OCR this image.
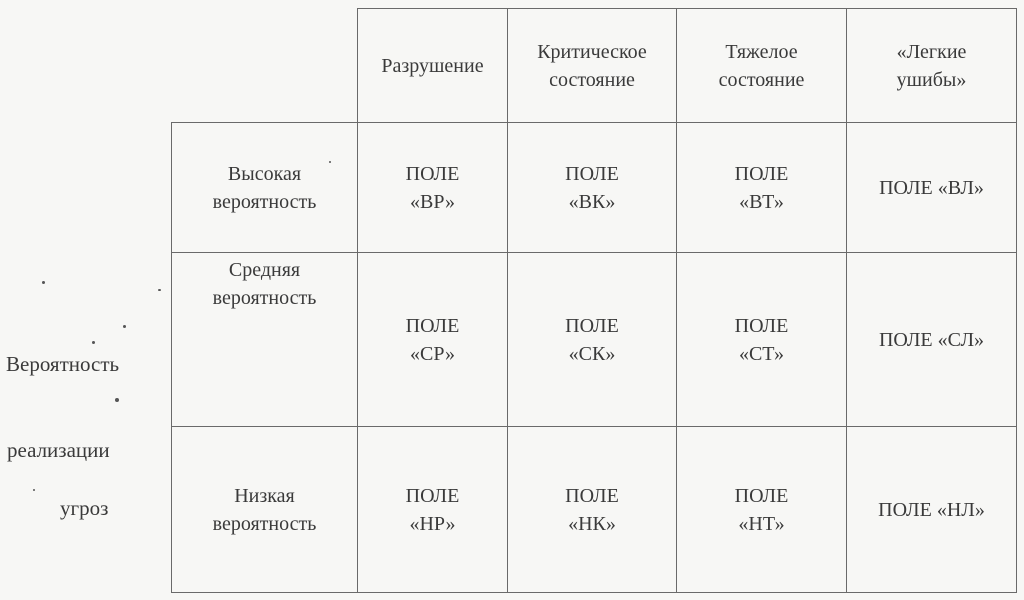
Вероятность
реализации
угроз
Разрушение
Критическое
состояние
Тяжелое
состояние
«Легкие
ушибы»
Высокая
вероятность
ПОЛЕ
«ВР»
ПОЛЕ
«ВК»
ПОЛЕ
«ВТ»
ПОЛЕ «ВЛ»
Средняя
вероятность
ПОЛЕ
«СР»
ПОЛЕ
«СК»
ПОЛЕ
«СТ»
ПОЛЕ «СЛ»
Низкая
вероятность
ПОЛЕ
«НР»
ПОЛЕ
«НК»
ПОЛЕ
«НТ»
ПОЛЕ «НЛ»
